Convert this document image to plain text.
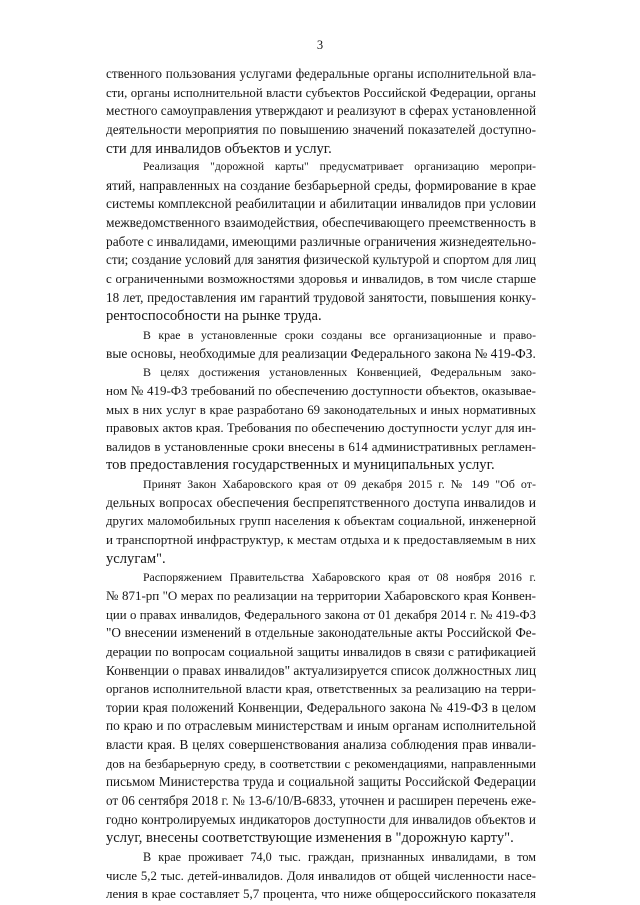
3
ственного пользования услугами федеральные органы исполнительной вла-
сти, органы исполнительной власти субъектов Российской Федерации, органы
местного самоуправления утверждают и реализуют в сферах установленной
деятельности мероприятия по повышению значений показателей доступно-
сти для инвалидов объектов и услуг.
Реализация "дорожной карты" предусматривает организацию меропри-
ятий, направленных на создание безбарьерной среды, формирование в крае
системы комплексной реабилитации и абилитации инвалидов при условии
межведомственного взаимодействия, обеспечивающего преемственность в
работе с инвалидами, имеющими различные ограничения жизнедеятельно-
сти; создание условий для занятия физической культурой и спортом для лиц
с ограниченными возможностями здоровья и инвалидов, в том числе старше
18 лет, предоставления им гарантий трудовой занятости, повышения конку-
рентоспособности на рынке труда.
В крае в установленные сроки созданы все организационные и право-
вые основы, необходимые для реализации Федерального закона № 419-ФЗ.
В целях достижения установленных Конвенцией, Федеральным зако-
ном № 419-ФЗ требований по обеспечению доступности объектов, оказывае-
мых в них услуг в крае разработано 69 законодательных и иных нормативных
правовых актов края. Требования по обеспечению доступности услуг для ин-
валидов в установленные сроки внесены в 614 административных регламен-
тов предоставления государственных и муниципальных услуг.
Принят Закон Хабаровского края от 09 декабря 2015 г. № 149 "Об от-
дельных вопросах обеспечения беспрепятственного доступа инвалидов и
других маломобильных групп населения к объектам социальной, инженерной
и транспортной инфраструктур, к местам отдыха и к предоставляемым в них
услугам".
Распоряжением Правительства Хабаровского края от 08 ноября 2016 г.
№ 871-рп "О мерах по реализации на территории Хабаровского края Конвен-
ции о правах инвалидов, Федерального закона от 01 декабря 2014 г. № 419-ФЗ
"О внесении изменений в отдельные законодательные акты Российской Фе-
дерации по вопросам социальной защиты инвалидов в связи с ратификацией
Конвенции о правах инвалидов" актуализируется список должностных лиц
органов исполнительной власти края, ответственных за реализацию на терри-
тории края положений Конвенции, Федерального закона № 419-ФЗ в целом
по краю и по отраслевым министерствам и иным органам исполнительной
власти края. В целях совершенствования анализа соблюдения прав инвали-
дов на безбарьерную среду, в соответствии с рекомендациями, направленными
письмом Министерства труда и социальной защиты Российской Федерации
от 06 сентября 2018 г. № 13-6/10/В-6833, уточнен и расширен перечень еже-
годно контролируемых индикаторов доступности для инвалидов объектов и
услуг, внесены соответствующие изменения в "дорожную карту".
В крае проживает 74,0 тыс. граждан, признанных инвалидами, в том
числе 5,2 тыс. детей-инвалидов. Доля инвалидов от общей численности насе-
ления в крае составляет 5,7 процента, что ниже общероссийского показателя
